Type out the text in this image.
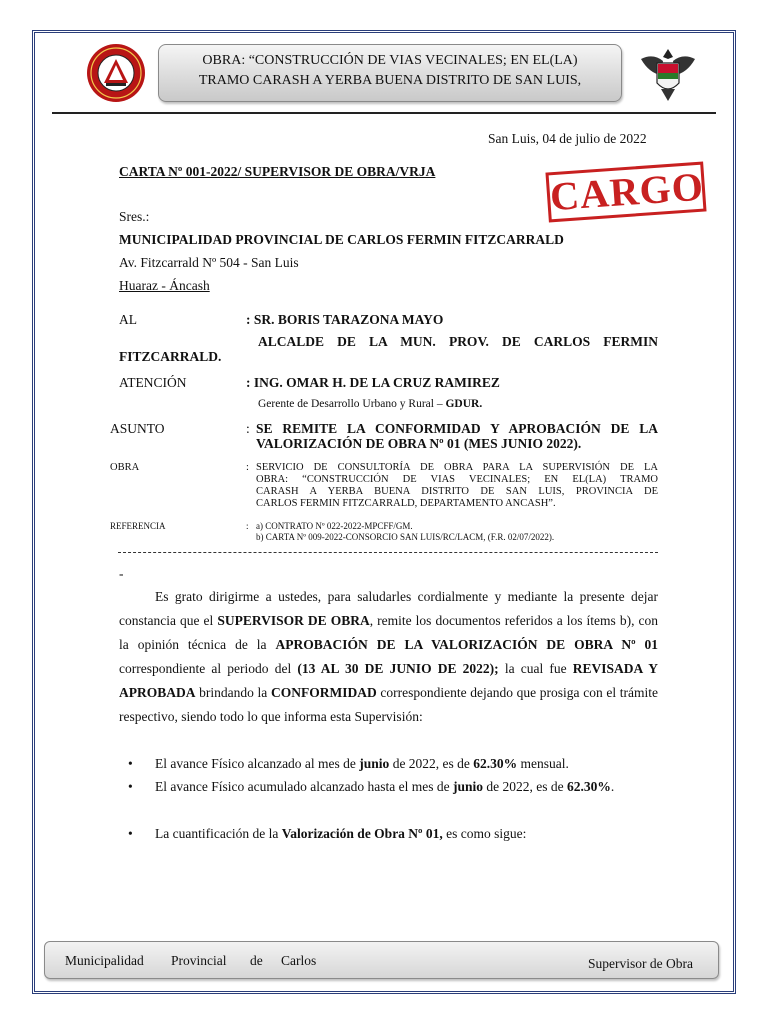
OBRA: “CONSTRUCCIÓN DE VIAS VECINALES; EN EL(LA)
TRAMO CARASH A YERBA BUENA DISTRITO DE SAN LUIS,
San Luis, 04 de julio de 2022
CARTA Nº 001-2022/ SUPERVISOR DE OBRA/VRJA	CARGO
Sres.:
MUNICIPALIDAD PROVINCIAL DE CARLOS FERMIN FITZCARRALD
Av. Fitzcarrald Nº 504 - San Luis
Huaraz - Áncash
AL	: SR. BORIS TARAZONA MAYO
ALCALDE DE LA MUN. PROV. DE CARLOS FERMIN
FITZCARRALD.
ATENCIÓN	: ING. OMAR H. DE LA CRUZ RAMIREZ
Gerente de Desarrollo Urbano y Rural – GDUR.
ASUNTO	: SE REMITE LA CONFORMIDAD Y APROBACIÓN DE LA
VALORIZACIÓN DE OBRA Nº 01 (MES JUNIO 2022).
OBRA	: SERVICIO DE CONSULTORÍA DE OBRA PARA LA SUPERVISIÓN DE LA
OBRA: “CONSTRUCCIÓN DE VIAS VECINALES; EN EL(LA) TRAMO
CARASH A YERBA BUENA DISTRITO DE SAN LUIS, PROVINCIA DE
CARLOS FERMIN FITZCARRALD, DEPARTAMENTO ANCASH”.
REFERENCIA	: a) CONTRATO Nº 022-2022-MPCFF/GM.
b) CARTA Nº 009-2022-CONSORCIO SAN LUIS/RC/LACM, (F.R. 02/07/2022).
-

Es grato dirigirme a ustedes, para saludarles cordialmente y mediante la presente dejar constancia que el SUPERVISOR DE OBRA, remite los documentos referidos a los ítems b), con la opinión técnica de la APROBACIÓN DE LA VALORIZACIÓN DE OBRA Nº 01 correspondiente al periodo del (13 AL 30 DE JUNIO DE 2022); la cual fue REVISADA Y APROBADA brindando la CONFORMIDAD correspondiente dejando que prosiga con el trámite respectivo, siendo todo lo que informa esta Supervisión:

• El avance Físico alcanzado al mes de junio de 2022, es de 62.30% mensual.
• El avance Físico acumulado alcanzado hasta el mes de junio de 2022, es de 62.30%.
• La cuantificación de la Valorización de Obra Nº 01, es como sigue:
Municipalidad Provincial de Carlos	Supervisor de Obra
